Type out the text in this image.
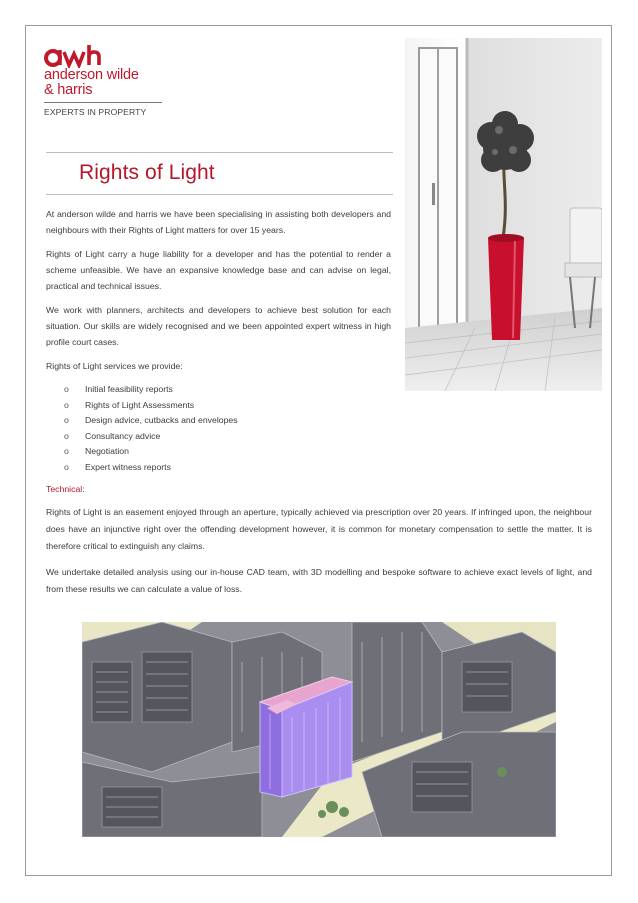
anderson wilde
& harris
EXPERTS IN PROPERTY
Rights of Light

At anderson wilde and harris we have been specialising in assisting both developers and neighbours with their Rights of Light matters for over 15 years.

Rights of Light carry a huge liability for a developer and has the potential to render a scheme unfeasible. We have an expansive knowledge base and can advise on legal, practical and technical issues.

We work with planners, architects and developers to achieve best solution for each situation. Our skills are widely recognised and we been appointed expert witness in high profile court cases.

Rights of Light services we provide:

o	Initial feasibility reports
o	Rights of Light Assessments
o	Design advice, cutbacks and envelopes
o	Consultancy advice
o	Negotiation
o	Expert witness reports

Technical:

Rights of Light is an easement enjoyed through an aperture, typically achieved via prescription over 20 years. If infringed upon, the neighbour does have an injunctive right over the offending development however, it is common for monetary compensation to settle the matter. It is therefore critical to extinguish any claims.

We undertake detailed analysis using our in-house CAD team, with 3D modelling and bespoke software to achieve exact levels of light, and from these results we can calculate a value of loss.
